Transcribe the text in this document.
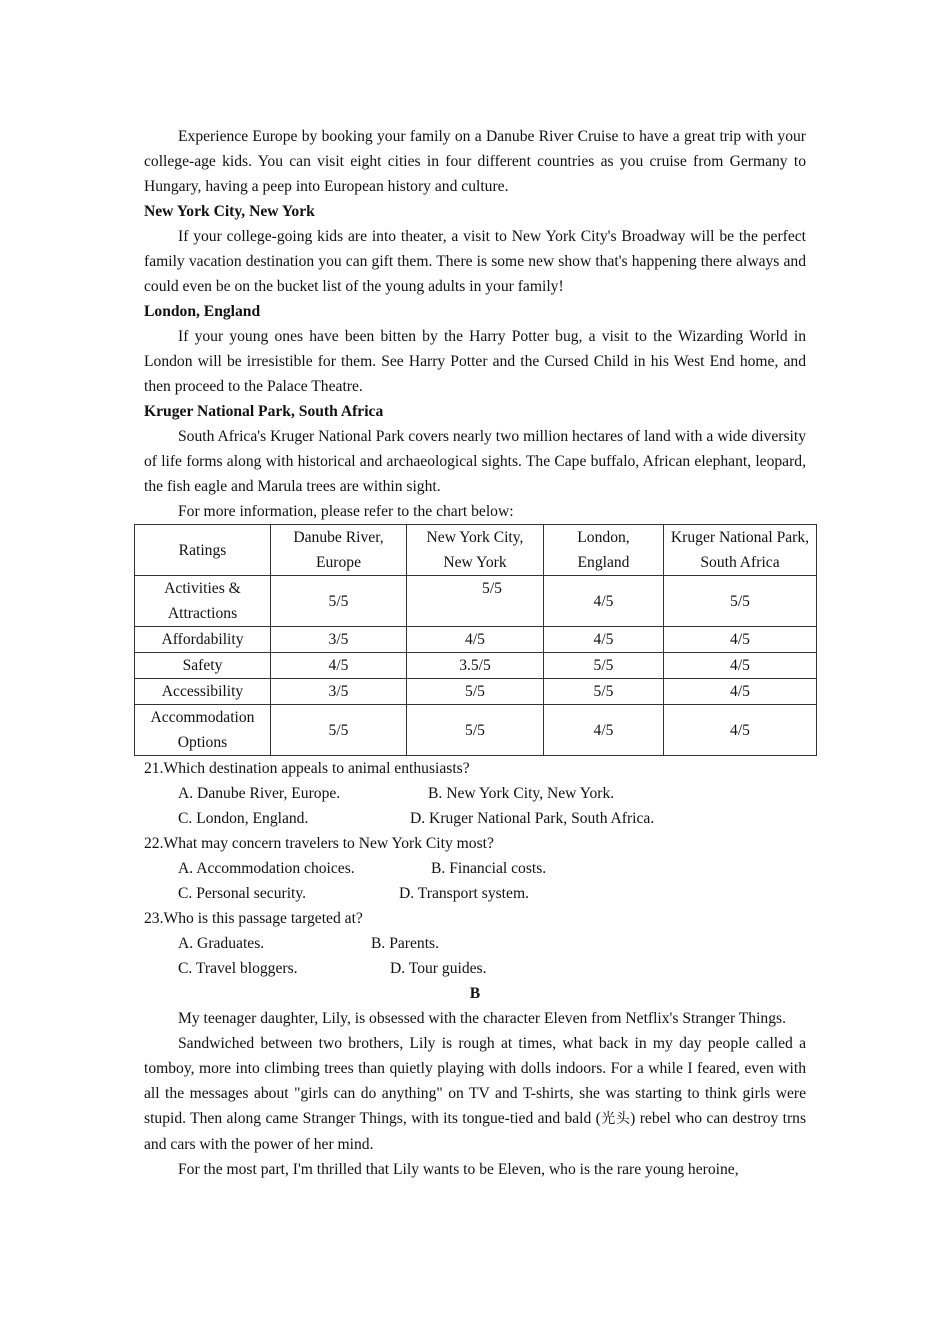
Experience Europe by booking your family on a Danube River Cruise to have a great trip with your college-age kids. You can visit eight cities in four different countries as you cruise from Germany to Hungary, having a peep into European history and culture.

New York City, New York

If your college-going kids are into theater, a visit to New York City's Broadway will be the perfect family vacation destination you can gift them. There is some new show that's happening there always and could even be on the bucket list of the young adults in your family!

London, England

If your young ones have been bitten by the Harry Potter bug, a visit to the Wizarding World in London will be irresistible for them. See Harry Potter and the Cursed Child in his West End home, and then proceed to the Palace Theatre.

Kruger National Park, South Africa

South Africa's Kruger National Park covers nearly two million hectares of land with a wide diversity of life forms along with historical and archaeological sights. The Cape buffalo, African elephant, leopard, the fish eagle and Marula trees are within sight.

For more information, please refer to the chart below:

Ratings	Danube River, Europe	New York City, New York	London, England	Kruger National Park, South Africa
Activities & Attractions	5/5	5/5	4/5	5/5
Affordability	3/5	4/5	4/5	4/5
Safety	4/5	3.5/5	5/5	4/5
Accessibility	3/5	5/5	5/5	4/5
Accommodation Options	5/5	5/5	4/5	4/5

21.Which destination appeals to animal enthusiasts?

A. Danube River, Europe.	B. New York City, New York.

C. London, England.	D. Kruger National Park, South Africa.

22.What may concern travelers to New York City most?

A. Accommodation choices.	B. Financial costs.

C. Personal security.	D. Transport system.

23.Who is this passage targeted at?

A. Graduates.	B. Parents.

C. Travel bloggers.	D. Tour guides.

B

My teenager daughter, Lily, is obsessed with the character Eleven from Netflix's Stranger Things.

Sandwiched between two brothers, Lily is rough at times, what back in my day people called a tomboy, more into climbing trees than quietly playing with dolls indoors. For a while I feared, even with all the messages about "girls can do anything" on TV and T-shirts, she was starting to think girls were stupid. Then along came Stranger Things, with its tongue-tied and bald (光头) rebel who can destroy trns and cars with the power of her mind.

For the most part, I'm thrilled that Lily wants to be Eleven, who is the rare young heroine,
